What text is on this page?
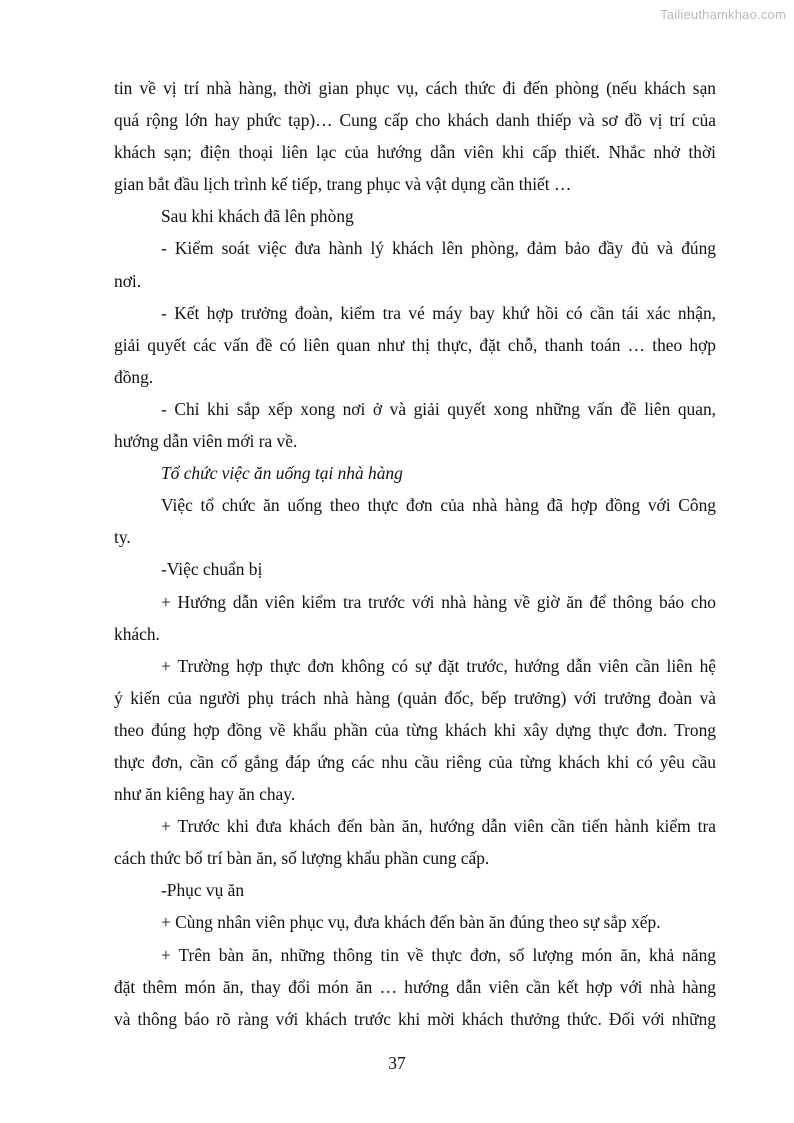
Tailieuthamkhao.com
tin về vị trí nhà hàng, thời gian phục vụ, cách thức đi đến phòng (nếu khách sạn
quá rộng lớn hay phức tạp)… Cung cấp cho khách danh thiếp và sơ đồ vị trí của
khách sạn; điện thoại liên lạc của hướng dẫn viên khi cấp thiết. Nhắc nhở thời
gian bắt đầu lịch trình kế tiếp, trang phục và vật dụng cần thiết …
Sau khi khách đã lên phòng
- Kiểm soát việc đưa hành lý khách lên phòng, đảm bảo đầy đủ và đúng
nơi.
- Kết hợp trưởng đoàn, kiểm tra vé máy bay khứ hồi có cần tái xác nhận,
giải quyết các vấn đề có liên quan như thị thực, đặt chỗ, thanh toán … theo hợp
đồng.
- Chỉ khi sắp xếp xong nơi ở và giải quyết xong những vấn đề liên quan,
hướng dẫn viên mới ra về.
Tổ chức việc ăn uống tại nhà hàng
Việc tổ chức ăn uống theo thực đơn của nhà hàng đã hợp đồng với Công
ty.
-Việc chuẩn bị
+ Hướng dẫn viên kiểm tra trước với nhà hàng về giờ ăn để thông báo cho
khách.
+ Trường hợp thực đơn không có sự đặt trước, hướng dẫn viên cần liên hệ
ý kiến của người phụ trách nhà hàng (quản đốc, bếp trưởng) với trưởng đoàn và
theo đúng hợp đồng về khẩu phần của từng khách khi xây dựng thực đơn. Trong
thực đơn, cần cố gắng đáp ứng các nhu cầu riêng của từng khách khi có yêu cầu
như ăn kiêng hay ăn chay.
+ Trước khi đưa khách đến bàn ăn, hướng dẫn viên cần tiến hành kiểm tra
cách thức bố trí bàn ăn, số lượng khẩu phần cung cấp.
-Phục vụ ăn
+ Cùng nhân viên phục vụ, đưa khách đến bàn ăn đúng theo sự sắp xếp.
+ Trên bàn ăn, những thông tin về thực đơn, số lượng món ăn, khả năng
đặt thêm món ăn, thay đổi món ăn … hướng dẫn viên cần kết hợp với nhà hàng
và thông báo rõ ràng với khách trước khi mời khách thưởng thức. Đối với những
37
